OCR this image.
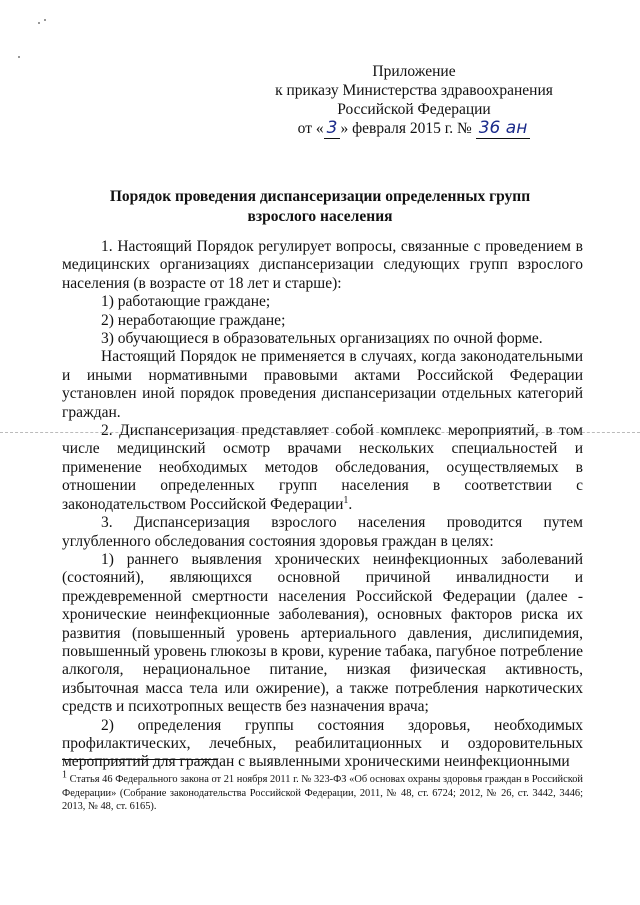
Приложение
к приказу Министерства здравоохранения
Российской Федерации
от « 3 » февраля 2015 г. № 36 ан
Порядок проведения диспансеризации определенных групп
взрослого населения

1. Настоящий Порядок регулирует вопросы, связанные с проведением в медицинских организациях диспансеризации следующих групп взрослого населения (в возрасте от 18 лет и старше):

1) работающие граждане;

2) неработающие граждане;

3) обучающиеся в образовательных организациях по очной форме.

Настоящий Порядок не применяется в случаях, когда законодательными и иными нормативными правовыми актами Российской Федерации установлен иной порядок проведения диспансеризации отдельных категорий граждан.

2. Диспансеризация представляет собой комплекс мероприятий, в том числе медицинский осмотр врачами нескольких специальностей и применение необходимых методов обследования, осуществляемых в отношении определенных групп населения в соответствии с законодательством Российской Федерации$^1$.

3. Диспансеризация взрослого населения проводится путем углубленного обследования состояния здоровья граждан в целях:

1) раннего выявления хронических неинфекционных заболеваний (состояний), являющихся основной причиной инвалидности и преждевременной смертности населения Российской Федерации (далее - хронические неинфекционные заболевания), основных факторов риска их развития (повышенный уровень артериального давления, дислипидемия, повышенный уровень глюкозы в крови, курение табака, пагубное потребление алкоголя, нерациональное питание, низкая физическая активность, избыточная масса тела или ожирение), а также потребления наркотических средств и психотропных веществ без назначения врача;

2) определения группы состояния здоровья, необходимых профилактических, лечебных, реабилитационных и оздоровительных мероприятий для граждан с выявленными хроническими неинфекционными

$^1$ Статья 46 Федерального закона от 21 ноября 2011 г. № 323-ФЗ «Об основах охраны здоровья граждан в Российской Федерации» (Собрание законодательства Российской Федерации, 2011, № 48, ст. 6724; 2012, № 26, ст. 3442, 3446; 2013, № 48, ст. 6165).
